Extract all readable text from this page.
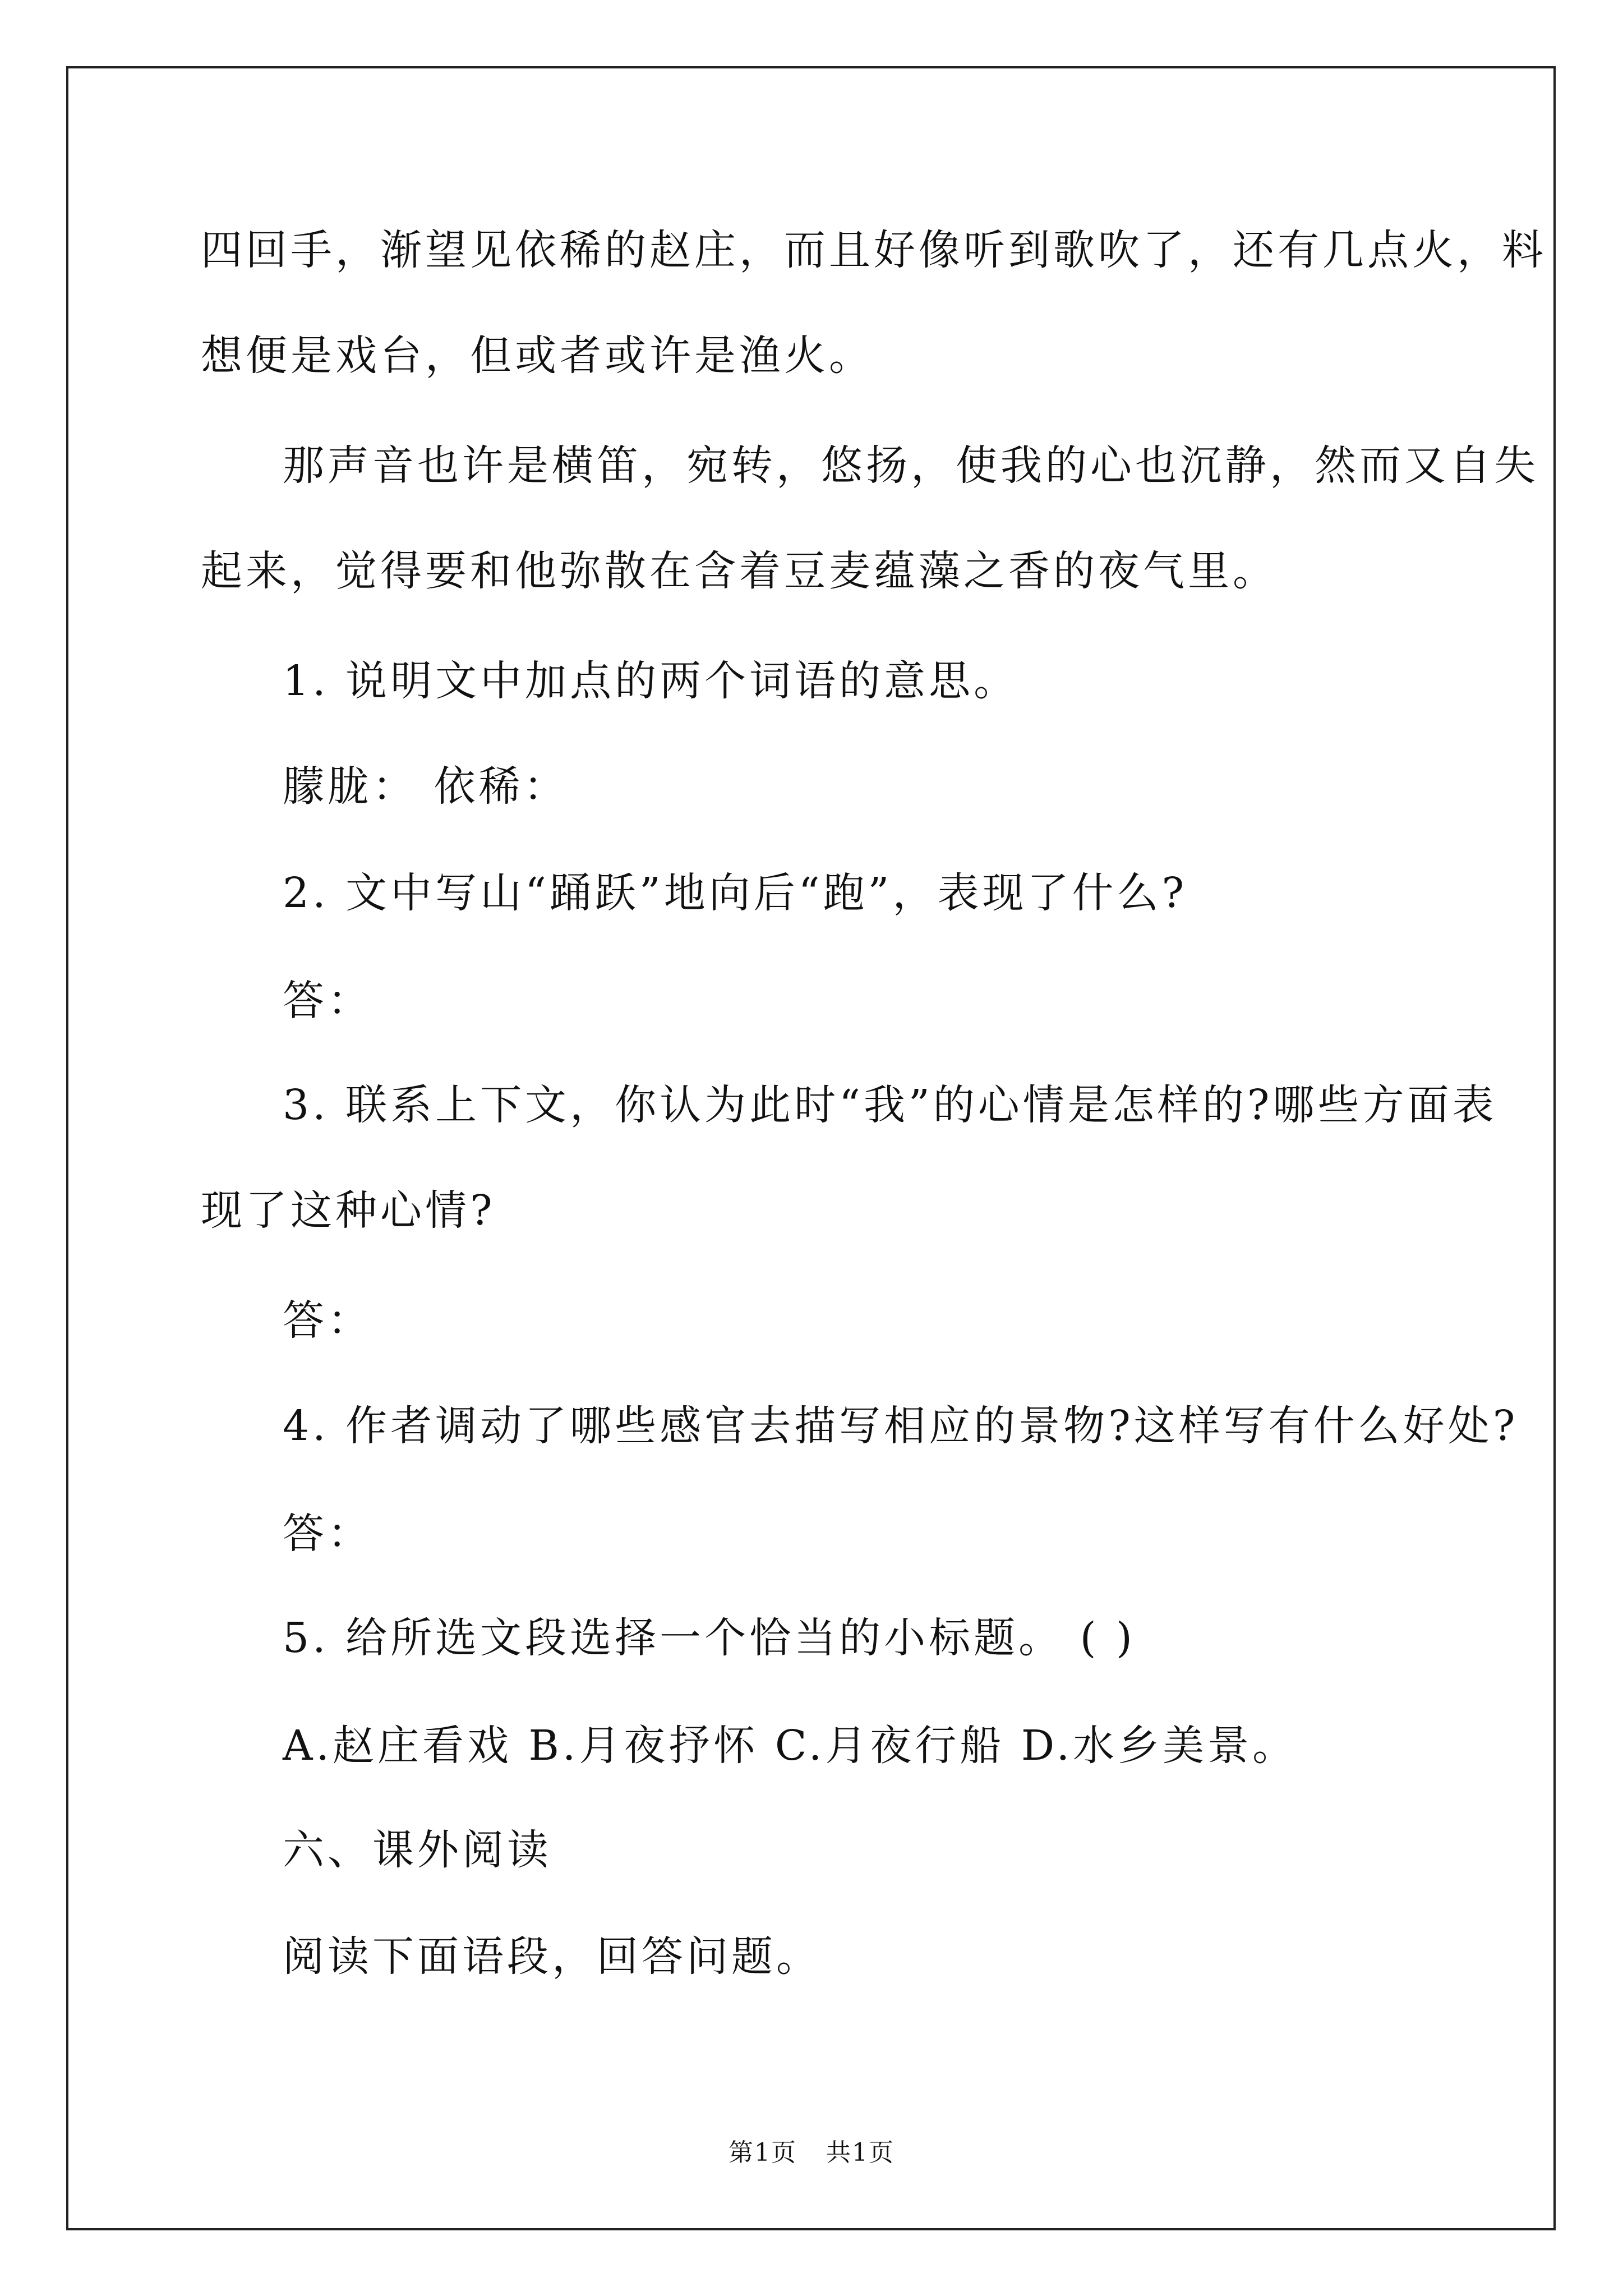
四回手，渐望见依稀的赵庄，而且好像听到歌吹了，还有几点火，料
想便是戏台，但或者或许是渔火。
那声音也许是横笛，宛转，悠扬，使我的心也沉静，然而又自失
起来，觉得要和他弥散在含着豆麦蕴藻之香的夜气里。
1. 说明文中加点的两个词语的意思。
朦胧： 依稀：
2. 文中写山“踊跃”地向后“跑”，表现了什么?
答：
3. 联系上下文，你认为此时“我”的心情是怎样的?哪些方面表
现了这种心情?
答：
4. 作者调动了哪些感官去描写相应的景物?这样写有什么好处?
答：
5. 给所选文段选择一个恰当的小标题。 ( )
A.赵庄看戏 B.月夜抒怀 C.月夜行船 D.水乡美景。
六、课外阅读
阅读下面语段，回答问题。
第1页 共1页
